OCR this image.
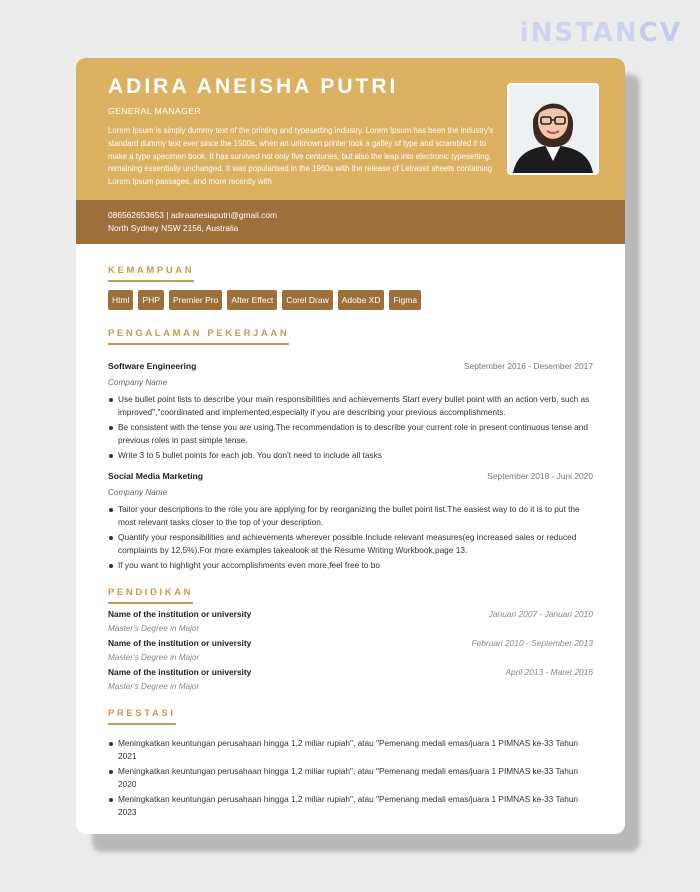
iNSTANCV
ADIRA ANEISHA PUTRI
GENERAL MANAGER
Lorem Ipsum is simply dummy text of the printing and typesetting industry. Lorem Ipsum has been the industry's standard dummy text ever since the 1500s, when an unknown printer took a galley of type and scrambled it to make a type specimen book. It has survived not only five centuries, but also the leap into electronic typesetting, remaining essentially unchanged. It was popularised in the 1960s with the release of Letraset sheets containing Lorem Ipsum passages, and more recently with
086562653653 | adiraanesiaputri@gmail.com
North Sydney NSW 2156, Australia
KEMAMPUAN
Html	PHP	Premier Pro	After Effect	Corel Draw	Adobe XD	Figma
PENGALAMAN PEKERJAAN
Software Engineering	September 2016 - Desember 2017
Company Name
Use bullet point lists to describe your main responsibilities and achievements Start every bullet point with an action verb, such as improved","coordinated and implemented,especially if you are describing your previous accomplishments.
Be consistent with the tense you are using.The recommendation is to describe your current role in present continuous tense and previous roles in past simple tense.
Write 3 to 5 bullet points for each job. You don't need to include all tasks
Social Media Marketing	September 2018 - Juni 2020
Company Name
Tailor your descriptions to the role you are applying for by reorganizing the bullet point list.The easiest way to do it is to put the most relevant tasks closer to the top of your description.
Quantify your responsibilities and achievements wherever possible.Include relevant measures(eg increased sales or reduced complaints by 12.5%).For more examples takealook at the Resume Writing Workbook,page 13.
If you want to highlight your accomplishments even more,feel free to bo
PENDIDIKAN
Name of the institution or university	Januari 2007 - Januari 2010
Master's Degree in Major
Name of the institution or university	Februari 2010 - September 2013
Master's Degree in Major
Name of the institution or university	April 2013 - Maret 2016
Master's Degree in Major
PRESTASI
Meningkatkan keuntungan perusahaan hingga 1,2 miliar rupiah", atau "Pemenang medali emas/juara 1 PIMNAS ke-33 Tahun 2021
Meningkatkan keuntungan perusahaan hingga 1,2 miliar rupiah", atau "Pemenang medali emas/juara 1 PIMNAS ke-33 Tahun 2020
Meningkatkan keuntungan perusahaan hingga 1,2 miliar rupiah", atau "Pemenang medali emas/juara 1 PIMNAS ke-33 Tahun 2023
